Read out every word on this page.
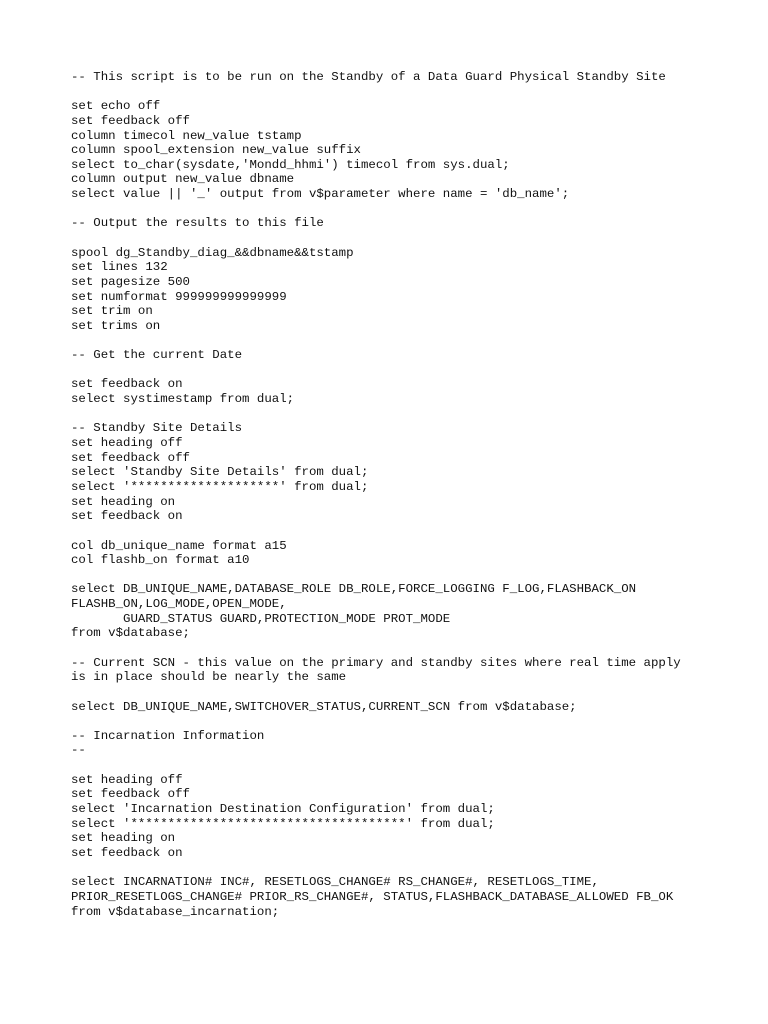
-- This script is to be run on the Standby of a Data Guard Physical Standby Site
set echo off
set feedback off
column timecol new_value tstamp
column spool_extension new_value suffix
select to_char(sysdate,'Mondd_hhmi') timecol from sys.dual;
column output new_value dbname
select value || '_' output from v$parameter where name = 'db_name';
-- Output the results to this file
spool dg_Standby_diag_&&dbname&&tstamp
set lines 132
set pagesize 500
set numformat 999999999999999
set trim on
set trims on
-- Get the current Date
set feedback on
select systimestamp from dual;
-- Standby Site Details
set heading off
set feedback off
select 'Standby Site Details' from dual;
select '********************' from dual;
set heading on
set feedback on
col db_unique_name format a15
col flashb_on format a10
select DB_UNIQUE_NAME,DATABASE_ROLE DB_ROLE,FORCE_LOGGING F_LOG,FLASHBACK_ON
FLASHB_ON,LOG_MODE,OPEN_MODE,
GUARD_STATUS GUARD,PROTECTION_MODE PROT_MODE
from v$database;
-- Current SCN - this value on the primary and standby sites where real time apply
is in place should be nearly the same
select DB_UNIQUE_NAME,SWITCHOVER_STATUS,CURRENT_SCN from v$database;
-- Incarnation Information
--
set heading off
set feedback off
select 'Incarnation Destination Configuration' from dual;
select '*************************************' from dual;
set heading on
set feedback on
select INCARNATION# INC#, RESETLOGS_CHANGE# RS_CHANGE#, RESETLOGS_TIME,
PRIOR_RESETLOGS_CHANGE# PRIOR_RS_CHANGE#, STATUS,FLASHBACK_DATABASE_ALLOWED FB_OK
from v$database_incarnation;
